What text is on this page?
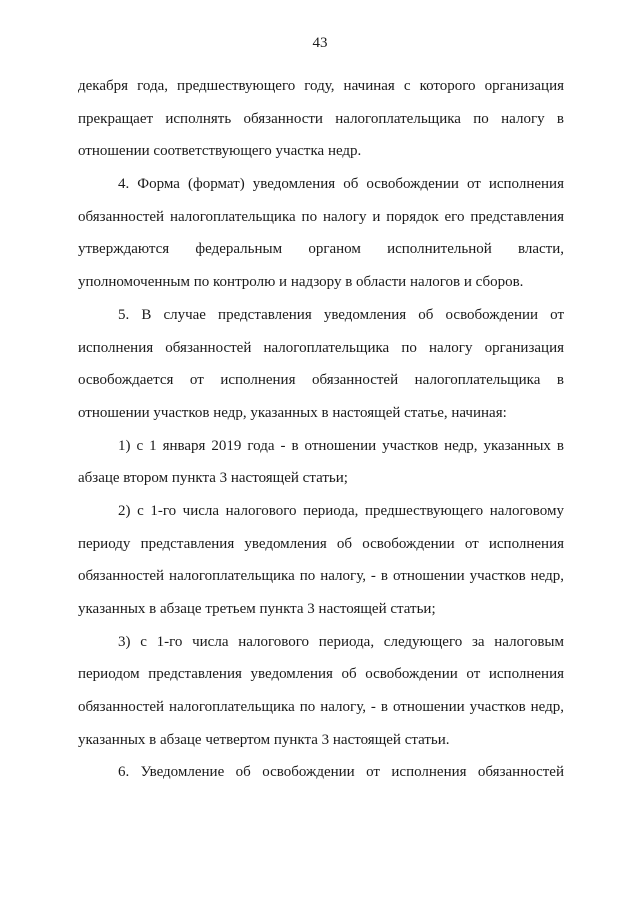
43
декабря года, предшествующего году, начиная с которого организация
прекращает исполнять обязанности налогоплательщика по налогу в
отношении соответствующего участка недр.
4. Форма (формат) уведомления об освобождении от исполнения
обязанностей налогоплательщика по налогу и порядок его представления
утверждаются федеральным органом исполнительной власти,
уполномоченным по контролю и надзору в области налогов и сборов.
5. В случае представления уведомления об освобождении от
исполнения обязанностей налогоплательщика по налогу организация
освобождается от исполнения обязанностей налогоплательщика в
отношении участков недр, указанных в настоящей статье, начиная:
1) с 1 января 2019 года - в отношении участков недр, указанных в
абзаце втором пункта 3 настоящей статьи;
2) с 1-го числа налогового периода, предшествующего налоговому
периоду представления уведомления об освобождении от исполнения
обязанностей налогоплательщика по налогу, - в отношении участков недр,
указанных в абзаце третьем пункта 3 настоящей статьи;
3) с 1-го числа налогового периода, следующего за налоговым
периодом представления уведомления об освобождении от исполнения
обязанностей налогоплательщика по налогу, - в отношении участков недр,
указанных в абзаце четвертом пункта 3 настоящей статьи.
6. Уведомление об освобождении от исполнения обязанностей
